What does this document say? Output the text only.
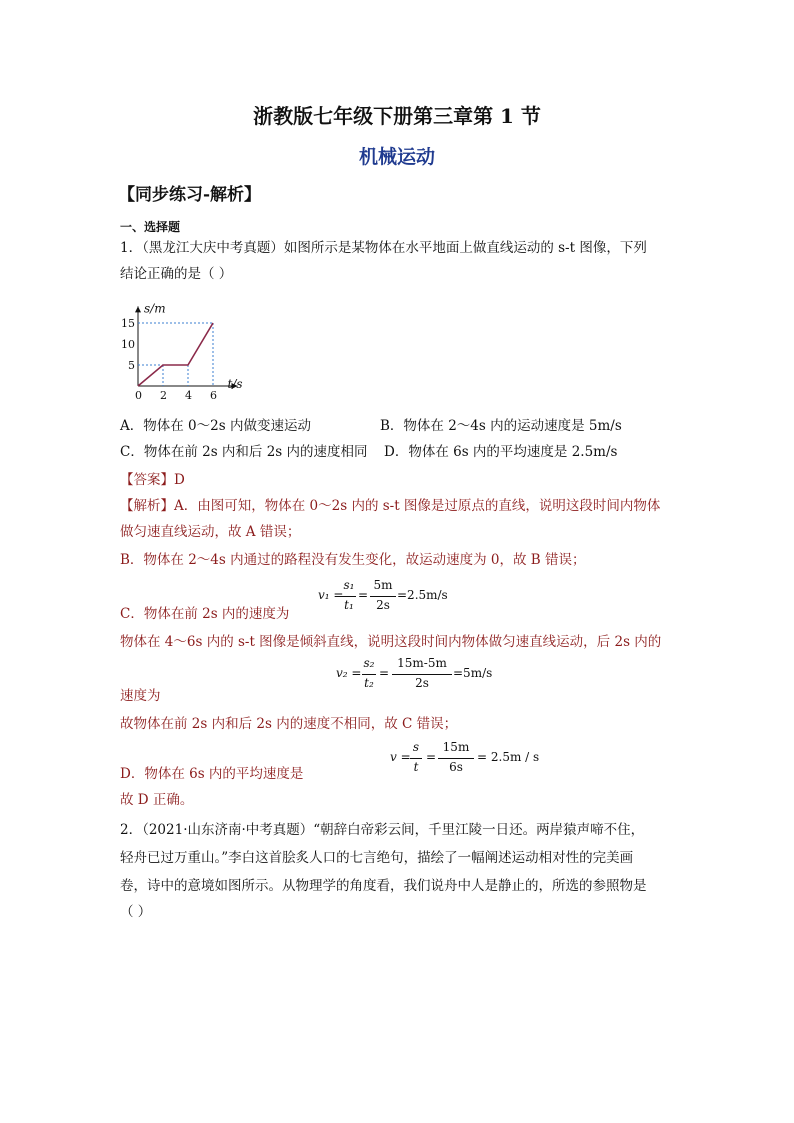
浙教版七年级下册第三章第 1 节
机械运动
【同步练习-解析】
一、选择题
1．（黑龙江大庆中考真题）如图所示是某物体在水平地面上做直线运动的 s-t 图像，下列
结论正确的是（ ）
s/m
t/s
0 2 4 6
5
10
15
A．物体在 0～2s 内做变速运动	B．物体在 2～4s 内的运动速度是 5m/s
C．物体在前 2s 内和后 2s 内的速度相同 D．物体在 6s 内的平均速度是 2.5m/s
【答案】D
【解析】A．由图可知，物体在 0～2s 内的 s-t 图像是过原点的直线，说明这段时间内物体
做匀速直线运动，故 A 错误；
B．物体在 2～4s 内通过的路程没有发生变化，故运动速度为 0，故 B 错误；
v₁ =
s₁
t₁
=
5m
2s
=2.5m/s
C．物体在前 2s 内的速度为
物体在 4～6s 内的 s-t 图像是倾斜直线，说明这段时间内物体做匀速直线运动，后 2s 内的
v₂ =
s₂
t₂
=
15m-5m
2s
=5m/s
速度为
故物体在前 2s 内和后 2s 内的速度不相同，故 C 错误；
v =
s
t
=
15m
6s
= 2.5m / s
D．物体在 6s 内的平均速度是
故 D 正确。
2．（2021·山东济南·中考真题）“朝辞白帝彩云间，千里江陵一日还。两岸猿声啼不住，
轻舟已过万重山。”李白这首脍炙人口的七言绝句，描绘了一幅阐述运动相对性的完美画
卷，诗中的意境如图所示。从物理学的角度看，我们说舟中人是静止的，所选的参照物是
（ ）
